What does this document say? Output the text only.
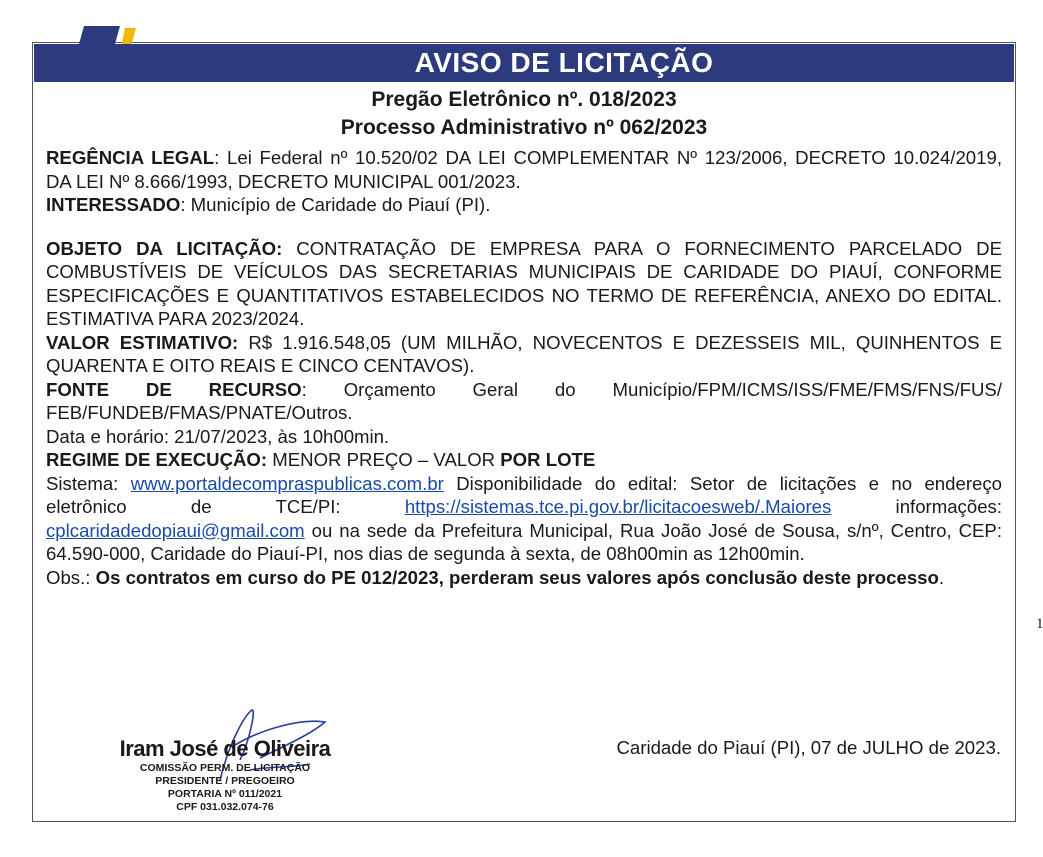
AVISO DE LICITAÇÃO
Pregão Eletrônico nº. 018/2023
Processo Administrativo nº 062/2023

REGÊNCIA LEGAL: Lei Federal nº 10.520/02 DA LEI COMPLEMENTAR Nº 123/2006, DECRETO 10.024/2019, DA LEI Nº 8.666/1993, DECRETO MUNICIPAL 001/2023.

INTERESSADO: Município de Caridade do Piauí (PI).

OBJETO DA LICITAÇÃO: CONTRATAÇÃO DE EMPRESA PARA O FORNECIMENTO PARCELADO DE COMBUSTÍVEIS DE VEÍCULOS DAS SECRETARIAS MUNICIPAIS DE CARIDADE DO PIAUÍ, CONFORME ESPECIFICAÇÕES E QUANTITATIVOS ESTABELECIDOS NO TERMO DE REFERÊNCIA, ANEXO DO EDITAL. ESTIMATIVA PARA 2023/2024.

VALOR ESTIMATIVO: R$ 1.916.548,05 (UM MILHÃO, NOVECENTOS E DEZESSEIS MIL, QUINHENTOS E QUARENTA E OITO REAIS E CINCO CENTAVOS).

FONTE DE RECURSO: Orçamento Geral do Município/FPM/ICMS/ISS/FME/FMS/FNS/FUS/ FEB/FUNDEB/FMAS/PNATE/Outros.

Data e horário: 21/07/2023, às 10h00min.

REGIME DE EXECUÇÃO: MENOR PREÇO – VALOR POR LOTE

Sistema: www.portaldecompraspublicas.com.br Disponibilidade do edital: Setor de licitações e no endereço eletrônico de TCE/PI: https://sistemas.tce.pi.gov.br/licitacoesweb/.Maiores informações: cplcaridadedopiaui@gmail.com ou na sede da Prefeitura Municipal, Rua João José de Sousa, s/nº, Centro, CEP: 64.590-000, Caridade do Piauí-PI, nos dias de segunda à sexta, de 08h00min as 12h00min.

Obs.: Os contratos em curso do PE 012/2023, perderam seus valores após conclusão deste processo.

Iram José de Oliveira
COMISSÃO PERM. DE LICITAÇÃO
PRESIDENTE / PREGOEIRO
PORTARIA Nº 011/2021
CPF 031.032.074-76
Caridade do Piauí (PI), 07 de JULHO de 2023.
1
